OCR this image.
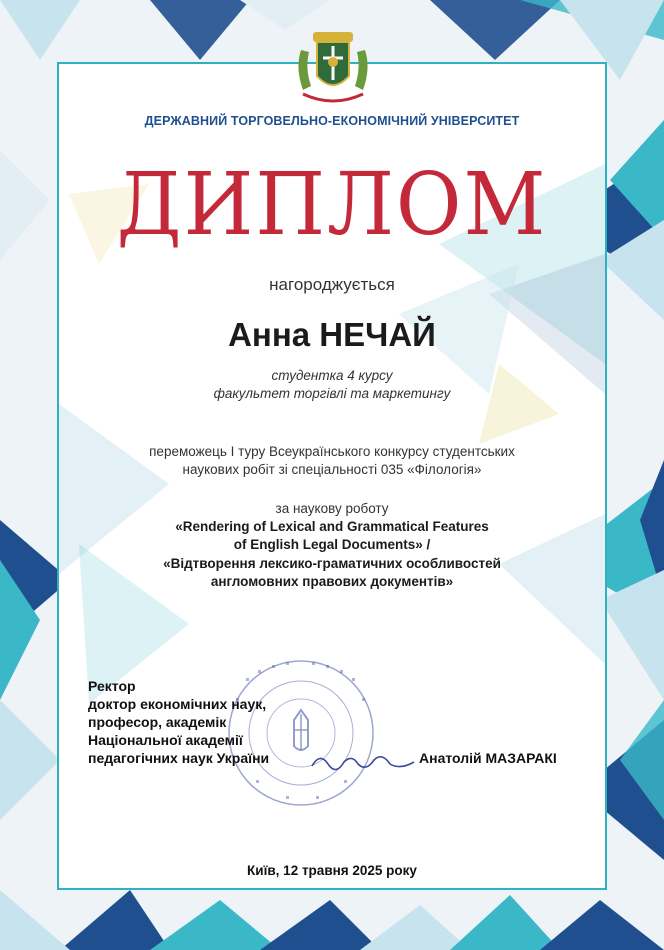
ДЕРЖАВНИЙ ТОРГОВЕЛЬНО-ЕКОНОМІЧНИЙ УНІВЕРСИТЕТ
ДИПЛОМ
нагороджується
Анна НЕЧАЙ
студентка 4 курсу
факультет торгівлі та маркетингу
переможець I туру Всеукраїнського конкурсу студентських
наукових робіт зі спеціальності 035 «Філологія»
за наукову роботу
«Rendering of Lexical and Grammatical Features
of English Legal Documents» /
«Відтворення лексико-граматичних особливостей
англомовних правових документів»
Ректор
доктор економічних наук,
професор, академік
Національної академії
педагогічних наук України	Анатолій МАЗАРАКІ
Київ, 12 травня 2025 року
